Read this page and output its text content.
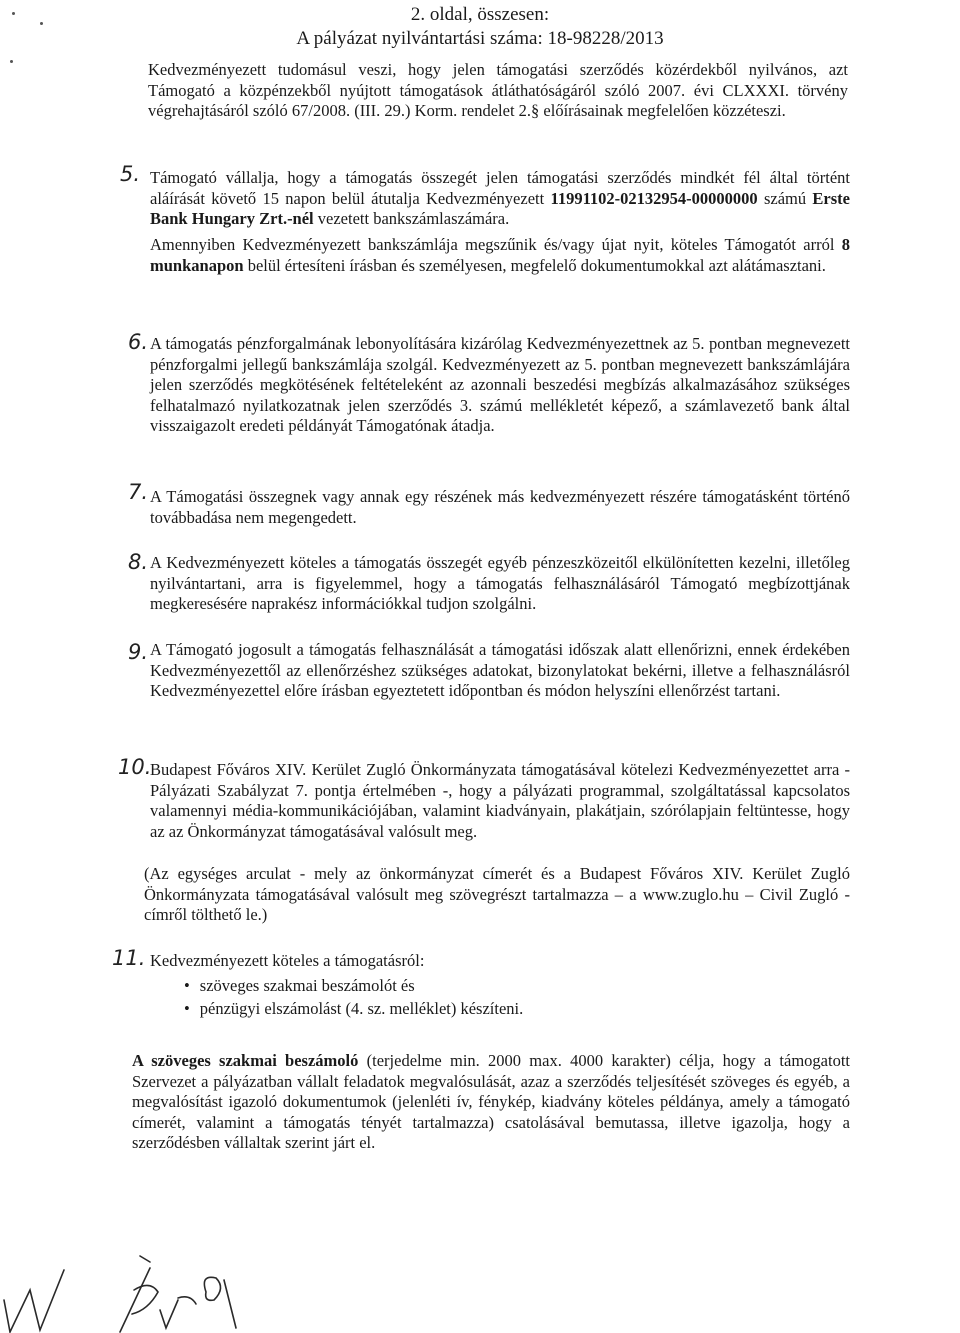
2. oldal, összesen:
A pályázat nyilvántartási száma: 18-98228/2013
Kedvezményezett tudomásul veszi, hogy jelen támogatási szerződés közérdekből nyilvános, azt Támogató a közpénzekből nyújtott támogatások átláthatóságáról szóló 2007. évi CLXXXI. törvény végrehajtásáról szóló 67/2008. (III. 29.) Korm. rendelet 2.§ előírásainak megfelelően közzéteszi.
5. Támogató vállalja, hogy a támogatás összegét jelen támogatási szerződés mindkét fél által történt aláírását követő 15 napon belül átutalja Kedvezményezett 11991102-02132954-00000000 számú Erste Bank Hungary Zrt.-nél vezetett bankszámlaszámára.
Amennyiben Kedvezményezett bankszámlája megszűnik és/vagy újat nyit, köteles Támogatót arról 8 munkanapon belül értesíteni írásban és személyesen, megfelelő dokumentumokkal azt alátámasztani.
6. A támogatás pénzforgalmának lebonyolítására kizárólag Kedvezményezettnek az 5. pontban megnevezett pénzforgalmi jellegű bankszámlája szolgál. Kedvezményezett az 5. pontban megnevezett bankszámlájára jelen szerződés megkötésének feltételeként az azonnali beszedési megbízás alkalmazásához szükséges felhatalmazó nyilatkozatnak jelen szerződés 3. számú mellékletét képező, a számlavezető bank által visszaigazolt eredeti példányát Támogatónak átadja.
7. A Támogatási összegnek vagy annak egy részének más kedvezményezett részére támogatásként történő továbbadása nem megengedett.
8. A Kedvezményezett köteles a támogatás összegét egyéb pénzeszközeitől elkülönítetten kezelni, illetőleg nyilvántartani, arra is figyelemmel, hogy a támogatás felhasználásáról Támogató megbízottjának megkeresésére naprakész információkkal tudjon szolgálni.
9. A Támogató jogosult a támogatás felhasználását a támogatási időszak alatt ellenőrizni, ennek érdekében Kedvezményezettől az ellenőrzéshez szükséges adatokat, bizonylatokat bekérni, illetve a felhasználásról Kedvezményezettel előre írásban egyeztetett időpontban és módon helyszíni ellenőrzést tartani.
10.
Budapest Főváros XIV. Kerület Zugló Önkormányzata támogatásával kötelezi Kedvezményezettet arra - Pályázati Szabályzat 7. pontja értelmében -, hogy a pályázati programmal, szolgáltatással kapcsolatos valamennyi média-kommunikációjában, valamint kiadványain, plakátjain, szórólapjain feltüntesse, hogy az az Önkormányzat támogatásával valósult meg.
(Az egységes arculat - mely az önkormányzat címerét és a Budapest Főváros XIV. Kerület Zugló Önkormányzata támogatásával valósult meg szövegrészt tartalmazza – a www.zuglo.hu – Civil Zugló - címről tölthető le.)
11. Kedvezményezett köteles a támogatásról:
• szöveges szakmai beszámolót és
• pénzügyi elszámolást (4. sz. melléklet) készíteni.
A szöveges szakmai beszámoló (terjedelme min. 2000 max. 4000 karakter) célja, hogy a támogatott Szervezet a pályázatban vállalt feladatok megvalósulását, azaz a szerződés teljesítését szöveges és egyéb, a megvalósítást igazoló dokumentumok (jelenléti ív, fénykép, kiadvány köteles példánya, amely a támogató címerét, valamint a támogatás tényét tartalmazza) csatolásával bemutassa, illetve igazolja, hogy a szerződésben vállaltak szerint járt el.
